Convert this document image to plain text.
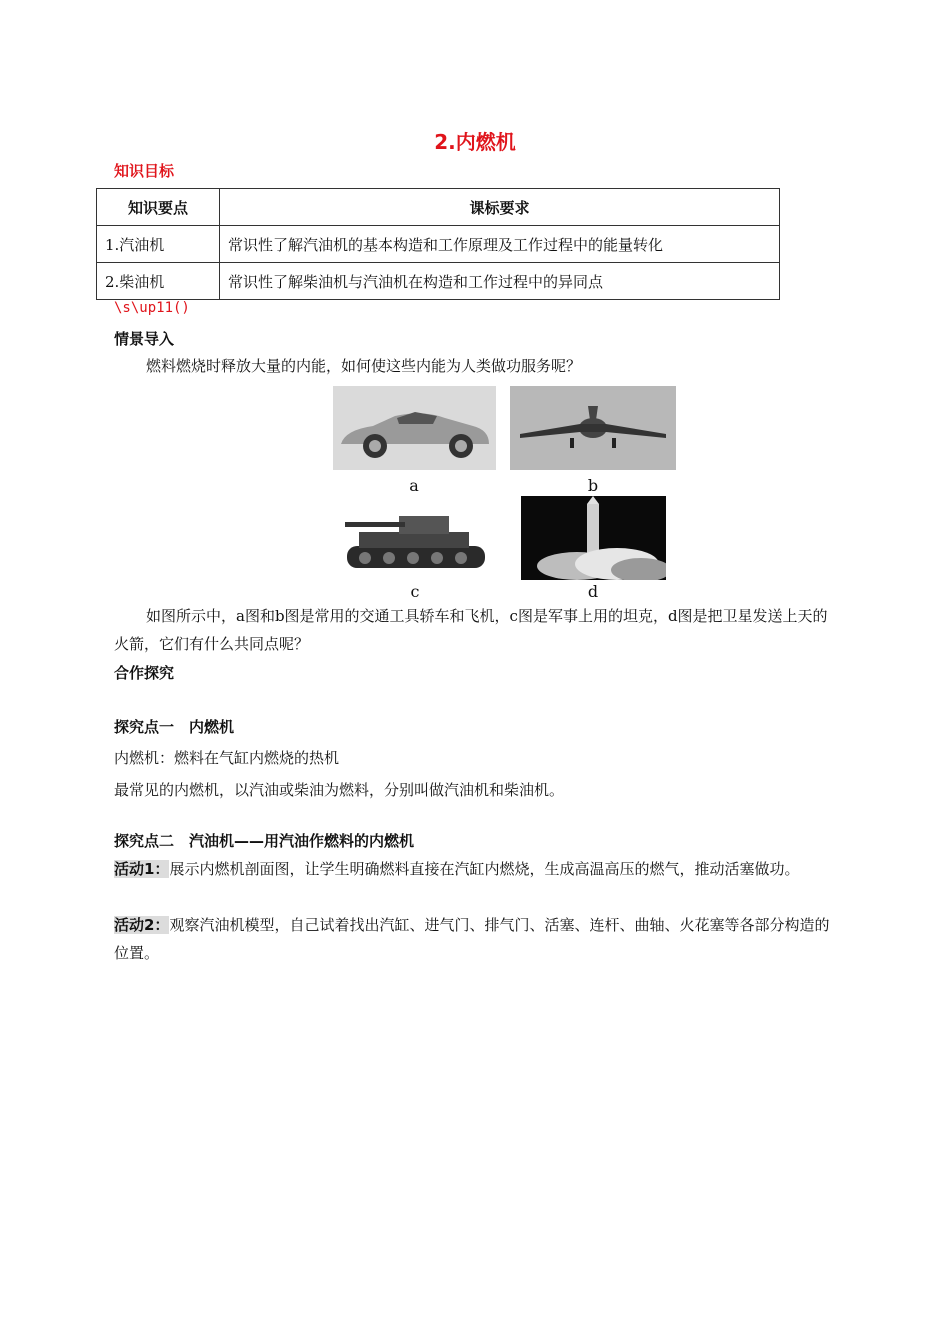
2.内燃机
知识目标
知识要点	课标要求
1.汽油机	常识性了解汽油机的基本构造和工作原理及工作过程中的能量转化
2.柴油机	常识性了解柴油机与汽油机在构造和工作过程中的异同点
\s\up11()
情景导入
燃料燃烧时释放大量的内能，如何使这些内能为人类做功服务呢？
a	b
c	d
如图所示中，a图和b图是常用的交通工具轿车和飞机，c图是军事上用的坦克，d图是把卫星发送上天的火箭，它们有什么共同点呢？
合作探究
探究点一　内燃机
内燃机：燃料在气缸内燃烧的热机
最常见的内燃机，以汽油或柴油为燃料，分别叫做汽油机和柴油机。
探究点二　汽油机——用汽油作燃料的内燃机
活动1：展示内燃机剖面图，让学生明确燃料直接在汽缸内燃烧，生成高温高压的燃气，推动活塞做功。
活动2：观察汽油机模型，自己试着找出汽缸、进气门、排气门、活塞、连杆、曲轴、火花塞等各部分构造的位置。
